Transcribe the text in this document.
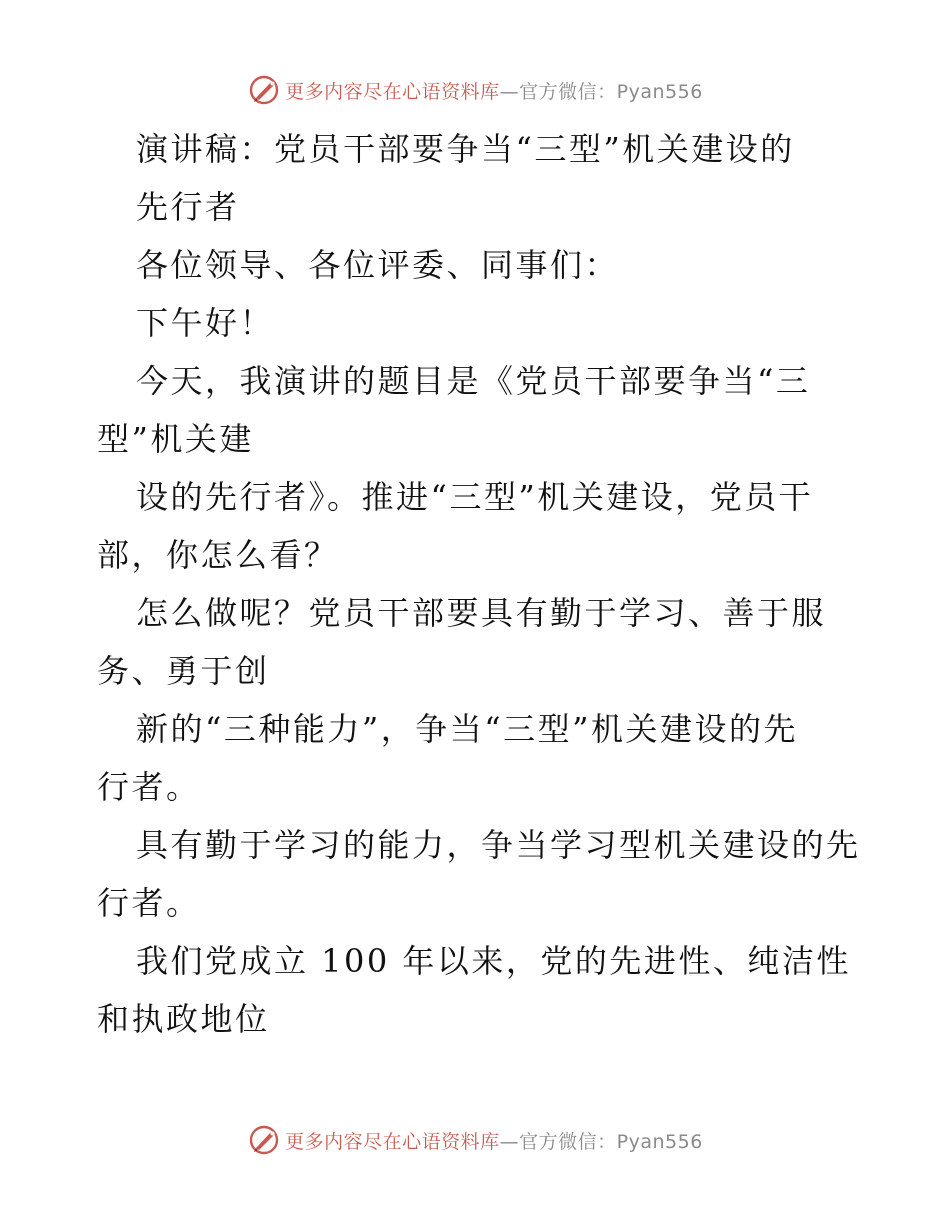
更多内容尽在心语资料库—官方微信：Pyan556
演讲稿：党员干部要争当“三型”机关建设的
先行者
各位领导、各位评委、同事们：
下午好！
今天，我演讲的题目是《党员干部要争当“三
型”机关建
设的先行者》。推进“三型”机关建设，党员干
部，你怎么看？
怎么做呢？党员干部要具有勤于学习、善于服
务、勇于创
新的“三种能力”，争当“三型”机关建设的先
行者。
具有勤于学习的能力，争当学习型机关建设的先
行者。
我们党成立 100 年以来，党的先进性、纯洁性
和执政地位
更多内容尽在心语资料库—官方微信：Pyan556
